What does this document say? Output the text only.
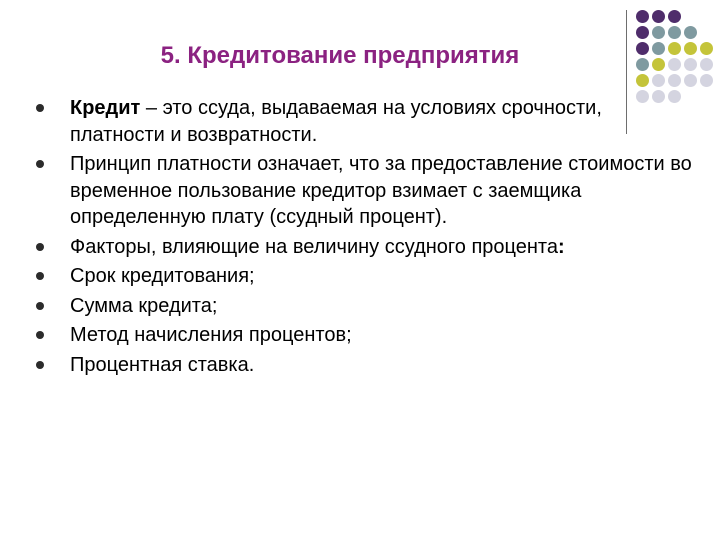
5. Кредитование предприятия
Кредит – это ссуда, выдаваемая на условиях срочности, платности и возвратности.
Принцип платности означает, что за предоставление стоимости во временное пользование кредитор взимает с заемщика определенную плату (ссудный процент).
Факторы, влияющие на величину ссудного процента:
Срок кредитования;
Сумма кредита;
Метод начисления процентов;
Процентная ставка.
